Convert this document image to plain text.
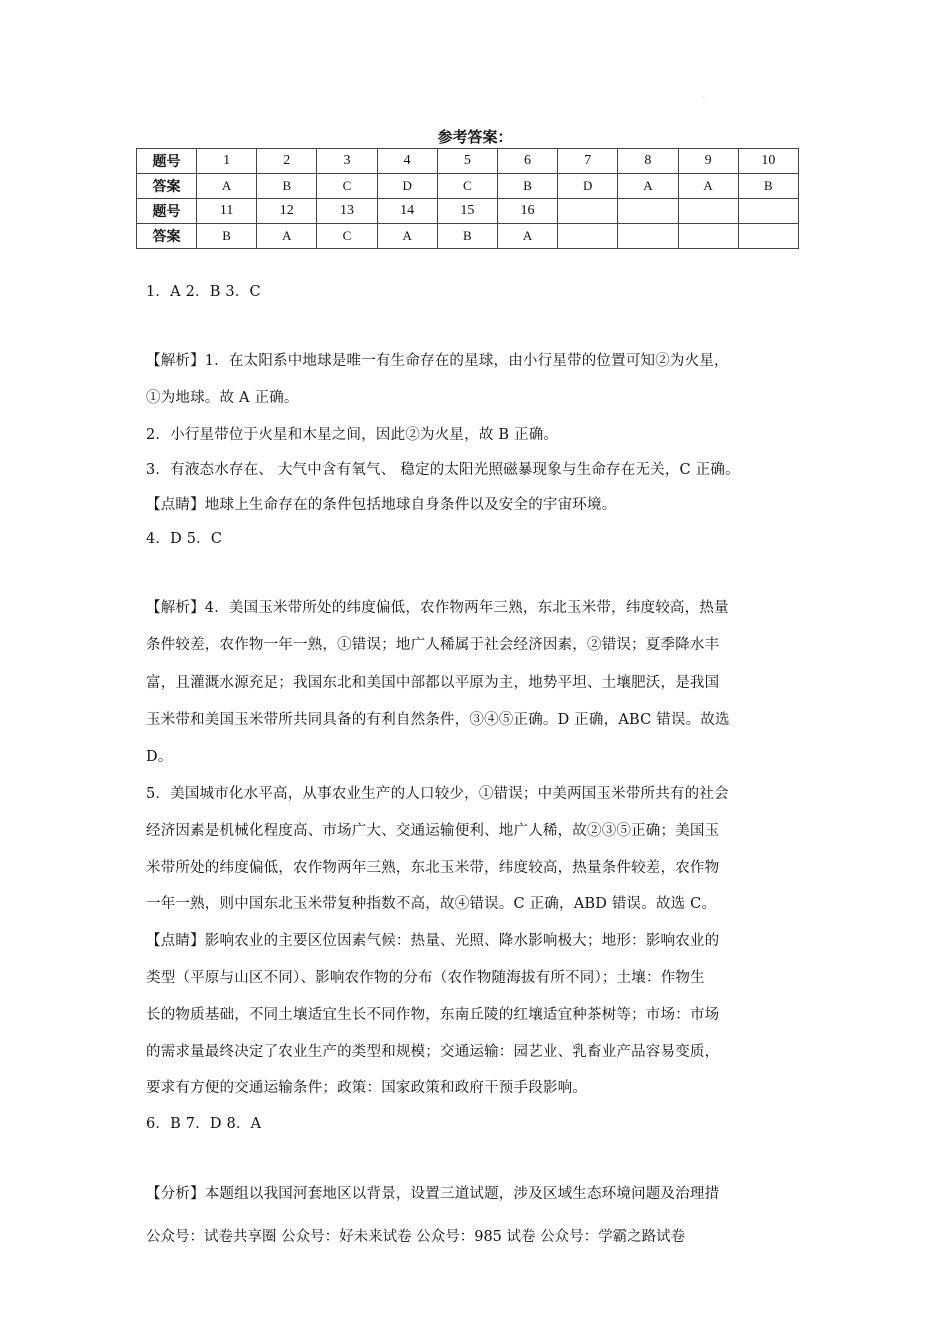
·
参考答案：
题号	1	2	3	4	5	6	7	8	9	10
答案	A	B	C	D	C	B	D	A	A	B
题号	11	12	13	14	15	16				
答案	B	A	C	A	B	A				
1．A 2．B 3．C
【解析】1．在太阳系中地球是唯一有生命存在的星球，由小行星带的位置可知②为火星，
①为地球。故 A 正确。
2．小行星带位于火星和木星之间，因此②为火星，故 B 正确。
3．有液态水存在、 大气中含有氧气、 稳定的太阳光照磁暴现象与生命存在无关，C 正确。
【点睛】地球上生命存在的条件包括地球自身条件以及安全的宇宙环境。
4．D 5．C
【解析】4．美国玉米带所处的纬度偏低，农作物两年三熟，东北玉米带，纬度较高，热量
条件较差，农作物一年一熟，①错误；地广人稀属于社会经济因素，②错误；夏季降水丰
富，且灌溉水源充足；我国东北和美国中部都以平原为主，地势平坦、土壤肥沃，是我国
玉米带和美国玉米带所共同具备的有利自然条件，③④⑤正确。D 正确，ABC 错误。故选
D。
5．美国城市化水平高，从事农业生产的人口较少，①错误；中美两国玉米带所共有的社会
经济因素是机械化程度高、市场广大、交通运输便利、地广人稀，故②③⑤正确；美国玉
米带所处的纬度偏低，农作物两年三熟，东北玉米带，纬度较高，热量条件较差，农作物
一年一熟，则中国东北玉米带复种指数不高，故④错误。C 正确，ABD 错误。故选 C。
【点睛】影响农业的主要区位因素气候：热量、光照、降水影响极大；地形：影响农业的
类型（平原与山区不同）、影响农作物的分布（农作物随海拔有所不同）；土壤：作物生
长的物质基础，不同土壤适宜生长不同作物，东南丘陵的红壤适宜种茶树等；市场：市场
的需求量最终决定了农业生产的类型和规模；交通运输：园艺业、乳畜业产品容易变质，
要求有方便的交通运输条件；政策：国家政策和政府干预手段影响。
6．B 7．D 8．A
【分析】本题组以我国河套地区以背景，设置三道试题，涉及区域生态环境问题及治理措
公众号：试卷共享圈 公众号：好未来试卷 公众号：985 试卷 公众号：学霸之路试卷
